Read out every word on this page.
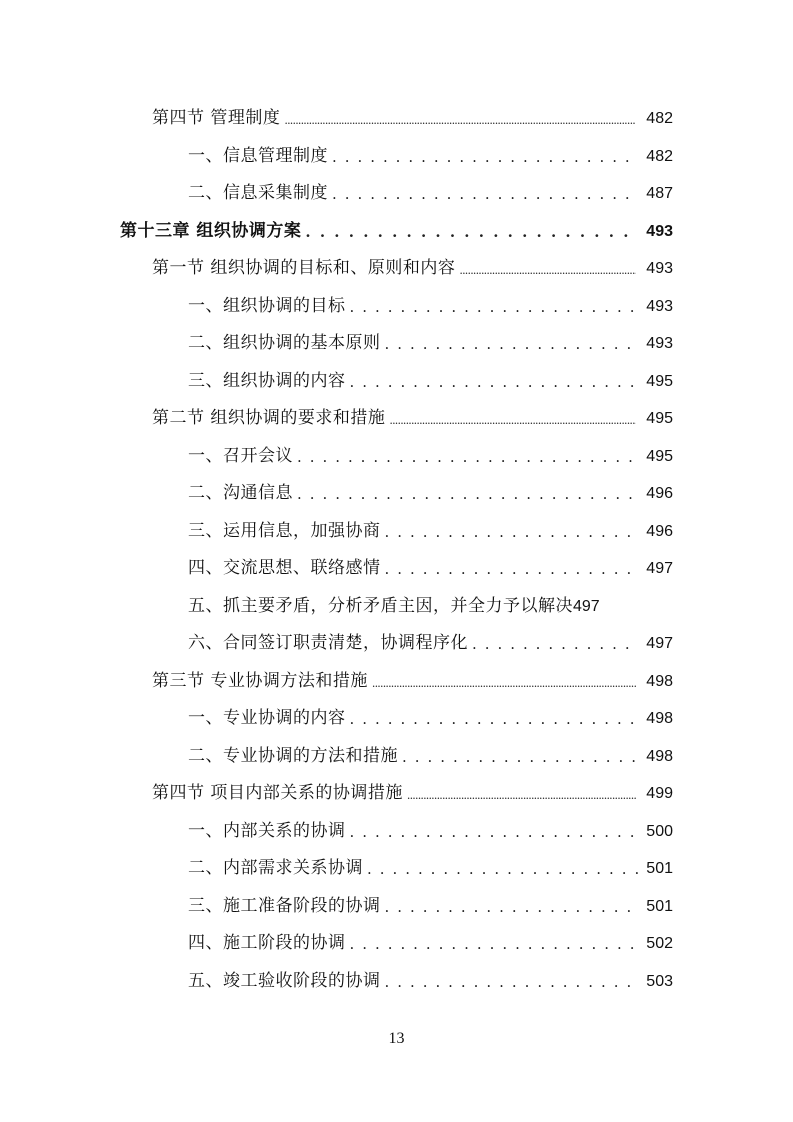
第四节 管理制度 .....	482
一、信息管理制度 . . .	482
二、信息采集制度 . . .	487
第十三章 组织协调方案 . . .	493
第一节 组织协调的目标和、原则和内容 .....	493
一、组织协调的目标 . . .	493
二、组织协调的基本原则 . . .	493
三、组织协调的内容 . . .	495
第二节 组织协调的要求和措施 .....	495
一、召开会议 . . .	495
二、沟通信息 . . .	496
三、运用信息，加强协商 . . .	496
四、交流思想、联络感情 . . .	497
五、抓主要矛盾，分析矛盾主因，并全力予以解决 497
六、合同签订职责清楚，协调程序化 . . .	497
第三节 专业协调方法和措施 .....	498
一、专业协调的内容 . . .	498
二、专业协调的方法和措施 . . .	498
第四节 项目内部关系的协调措施 .....	499
一、内部关系的协调 . . .	500
二、内部需求关系协调 . . .	501
三、施工准备阶段的协调 . . .	501
四、施工阶段的协调 . . .	502
五、竣工验收阶段的协调 . . .	503
13
